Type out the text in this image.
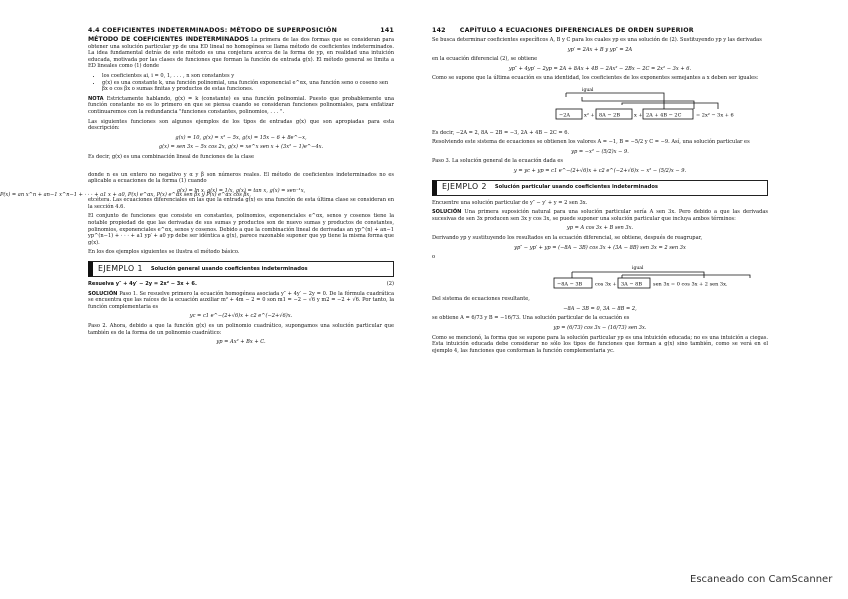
4.4 COEFICIENTES INDETERMINADOS: MÉTODO DE SUPERPOSICIÓN	141

MÉTODO DE COEFICIENTES INDETERMINADOS La primera de las dos formas que se consideran para obtener una solución particular yp de una ED lineal no homogénea se llama método de coeficientes indeterminados. La idea fundamental detrás de este método es una conjetura acerca de la forma de yp, en realidad una intuición educada, motivada por las clases de funciones que forman la función de entrada g(x). El método general se limita a ED lineales como (1) donde

• los coeficientes ai, i = 0, 1, . . . , n son constantes y
• g(x) es una constante k, una función polinomial, una función exponencial e^αx, una función seno o coseno sen βx o cos βx o sumas finitas y productos de estas funciones.

NOTA Estrictamente hablando, g(x) = k (constante) es una función polinomial. Puesto que probablemente una función constante no es lo primero en que se piensa cuando se consideran funciones polinomiales, para enfatizar continuaremos con la redundancia "funciones constantes, polinomios, . . . ".

Las siguientes funciones son algunos ejemplos de los tipos de entradas g(x) que son apropiadas para esta descripción:

g(x) = 10, g(x) = x² − 5x, g(x) = 15x − 6 + 8e^−x,
g(x) = sen 3x − 5x cos 2x, g(x) = xe^x sen x + (3x² − 1)e^−4x.

Es decir, g(x) es una combinación lineal de funciones de la clase

donde n es un entero no negativo y α y β son números reales. El método de coeficientes indeterminados no es aplicable a ecuaciones de la forma (1) cuando

g(x) = ln x, g(x) = 1/x, g(x) = tan x, g(x) = sen⁻¹x,

etcétera. Las ecuaciones diferenciales en las que la entrada g(x) es una función de esta última clase se consideran en la sección 4.6.

El conjunto de funciones que consiste en constantes, polinomios, exponenciales e^αx, senos y cosenos tiene la notable propiedad de que las derivadas de sus sumas y productos son de nuevo sumas y productos de constantes, polinomios, exponenciales e^αx, senos y cosenos. Debido a que la combinación lineal de derivadas an yp^(n) + an−1 yp^(n−1) + · · · + a1 yp′ + a0 yp debe ser idéntica a g(x), parece razonable suponer que yp tiene la misma forma que g(x).

En los dos ejemplos siguientes se ilustra el método básico.

EJEMPLO 1 Solución general usando coeficientes indeterminados

Resuelva y″ + 4y′ − 2y = 2x² − 3x + 6.	(2)

SOLUCIÓN Paso 1. Se resuelve primero la ecuación homogénea asociada y″ + 4y′ − 2y = 0. De la fórmula cuadrática se encuentra que las raíces de la ecuación auxiliar m² + 4m − 2 = 0 son m1 = −2 − √6 y m2 = −2 + √6. Por tanto, la función complementaria es

yc = c1 e^−(2+√6)x + c2 e^(−2+√6)x.

Paso 2. Ahora, debido a que la función g(x) es un polinomio cuadrático, supongamos una solución particular que también es de la forma de un polinomio cuadrático:

yp = Ax² + Bx + C.
P(x) = an x^n + an−1 x^n−1 + · · · + a1 x + a0, P(x) e^αx, P(x) e^αx sen βx y P(x) e^αx cos βx,
142 CAPÍTULO 4 ECUACIONES DIFERENCIALES DE ORDEN SUPERIOR

Se busca determinar coeficientes específicos A, B y C para los cuales yp es una solución de (2). Sustituyendo yp y las derivadas

yp′ = 2Ax + B y yp″ = 2A

en la ecuación diferencial (2), se obtiene

yp″ + 4yp′ − 2yp = 2A + 8Ax + 4B − 2Ax² − 2Bx − 2C = 2x² − 3x + 6.

Como se supone que la última ecuación es una identidad, los coeficientes de los exponentes semejantes a x deben ser iguales:

igual
−2A	x² + 8A − 2B	x + 2A + 4B − 2C	= 2x² − 3x + 6

Es decir, −2A = 2, 8A − 2B = −3, 2A + 4B − 2C = 6.

Resolviendo este sistema de ecuaciones se obtienen los valores A = −1, B = −5/2 y C = −9. Así, una solución particular es

yp = −x² − (5/2)x − 9.

Paso 3. La solución general de la ecuación dada es

y = yc + yp = c1 e^−(2+√6)x + c2 e^(−2+√6)x − x² − (5/2)x − 9.
EJEMPLO 2 Solución particular usando coeficientes indeterminados

Encuentre una solución particular de y″ − y′ + y = 2 sen 3x.

SOLUCIÓN Una primera suposición natural para una solución particular sería A sen 3x. Pero debido a que las derivadas sucesivas de sen 3x producen sen 3x y cos 3x, se puede suponer una solución particular que incluya ambos términos:

yp = A cos 3x + B sen 3x.

Derivando yp y sustituyendo los resultados en la ecuación diferencial, se obtiene, después de reagrupar,

yp″ − yp′ + yp = (−8A − 3B) cos 3x + (3A − 8B) sen 3x = 2 sen 3x

o

igual
−8A − 3B	cos 3x + 3A − 8B sen 3x = 0 cos 3x + 2 sen 3x.

Del sistema de ecuaciones resultante,

−8A − 3B = 0, 3A − 8B = 2,

se obtiene A = 6/73 y B = −16/73. Una solución particular de la ecuación es

yp = (6/73) cos 3x − (16/73) sen 3x.

Como se mencionó, la forma que se supone para la solución particular yp es una intuición educada; no es una intuición a ciegas. Esta intuición educada debe considerar no sólo los tipos de funciones que forman a g(x) sino también, como se verá en el ejemplo 4, las funciones que conforman la función complementaria yc.

Escaneado con CamScanner
